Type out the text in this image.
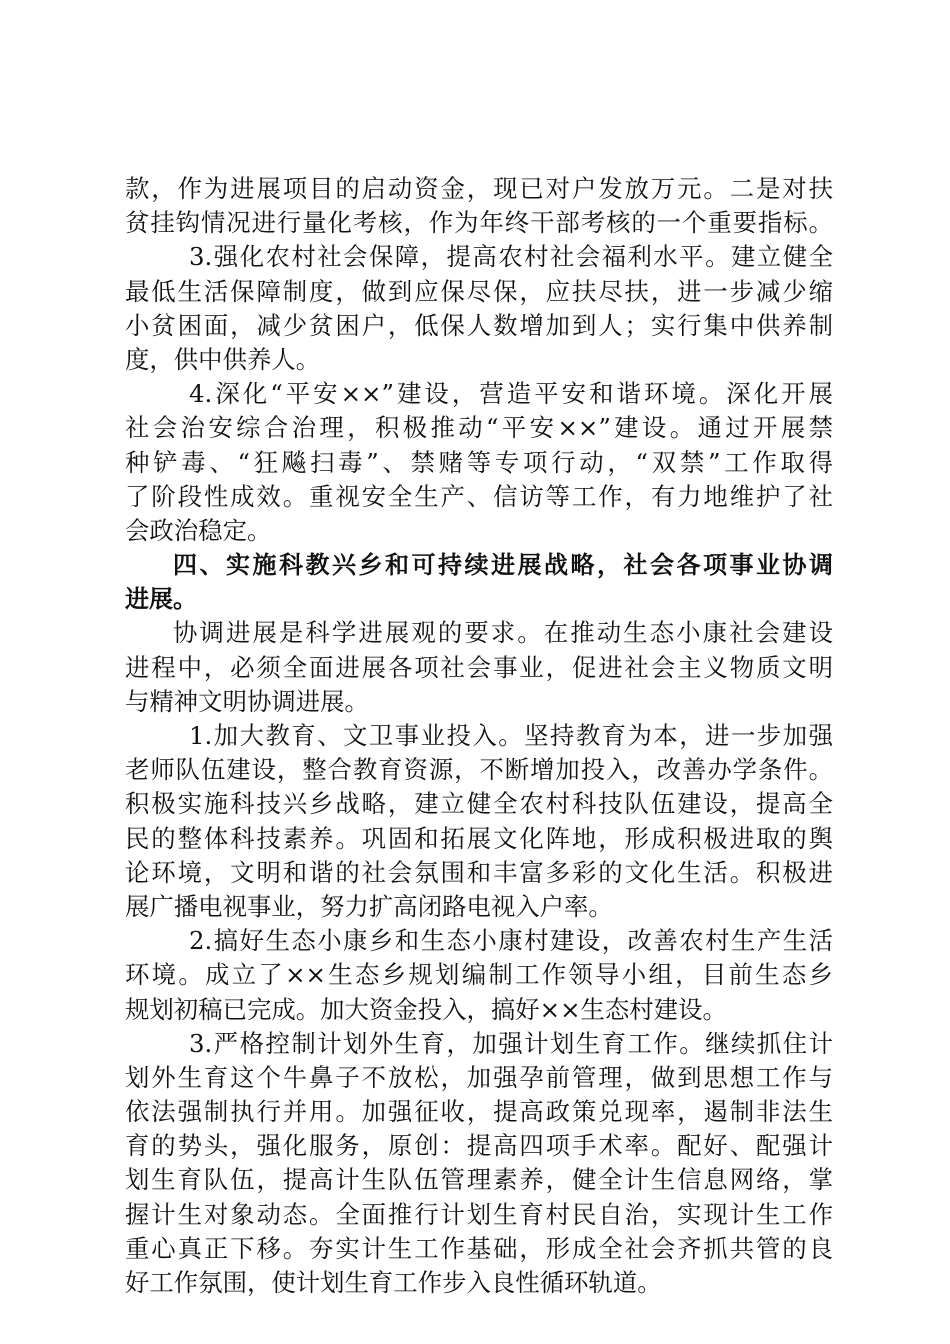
款，作为进展项目的启动资金，现已对户发放万元。二是对扶
贫挂钩情况进行量化考核，作为年终干部考核的一个重要指标。
3.强化农村社会保障，提高农村社会福利水平。建立健全
最低生活保障制度，做到应保尽保，应扶尽扶，进一步减少缩
小贫困面，减少贫困户，低保人数增加到人；实行集中供养制
度，供中供养人。
4.深化“平安××”建设，营造平安和谐环境。深化开展
社会治安综合治理，积极推动“平安××”建设。通过开展禁
种铲毒、“狂飚扫毒”、禁赌等专项行动，“双禁”工作取得
了阶段性成效。重视安全生产、信访等工作，有力地维护了社
会政治稳定。
四、实施科教兴乡和可持续进展战略，社会各项事业协调
进展。
协调进展是科学进展观的要求。在推动生态小康社会建设
进程中，必须全面进展各项社会事业，促进社会主义物质文明
与精神文明协调进展。
1.加大教育、文卫事业投入。坚持教育为本，进一步加强
老师队伍建设，整合教育资源，不断增加投入，改善办学条件。
积极实施科技兴乡战略，建立健全农村科技队伍建设，提高全
民的整体科技素养。巩固和拓展文化阵地，形成积极进取的舆
论环境，文明和谐的社会氛围和丰富多彩的文化生活。积极进
展广播电视事业，努力扩高闭路电视入户率。
2.搞好生态小康乡和生态小康村建设，改善农村生产生活
环境。成立了××生态乡规划编制工作领导小组，目前生态乡
规划初稿已完成。加大资金投入，搞好××生态村建设。
3.严格控制计划外生育，加强计划生育工作。继续抓住计
划外生育这个牛鼻子不放松，加强孕前管理，做到思想工作与
依法强制执行并用。加强征收，提高政策兑现率，遏制非法生
育的势头，强化服务，原创：提高四项手术率。配好、配强计
划生育队伍，提高计生队伍管理素养，健全计生信息网络，掌
握计生对象动态。全面推行计划生育村民自治，实现计生工作
重心真正下移。夯实计生工作基础，形成全社会齐抓共管的良
好工作氛围，使计划生育工作步入良性循环轨道。
